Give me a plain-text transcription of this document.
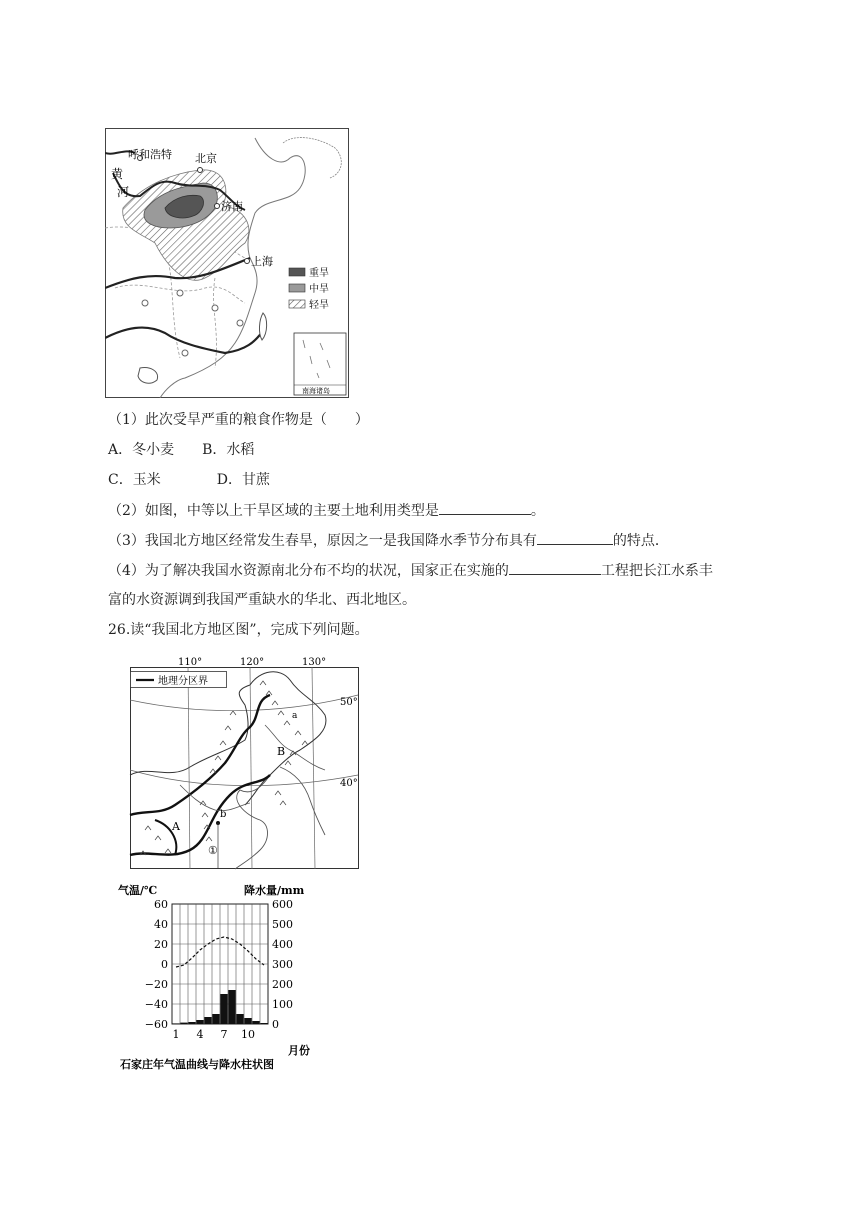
重旱
中旱
轻旱
南海诸岛
呼和浩特 北京
黄
河
济南
上海
（1）此次受旱严重的粮食作物是（　　）
A．冬小麦 B．水稻
C．玉米	D．甘蔗
（2）如图，中等以上干旱区域的主要土地利用类型是	。
（3）我国北方地区经常发生春旱，原因之一是我国降水季节分布具有	的特点．
（4）为了解决我国水资源南北分布不均的状况，国家正在实施的	工程把长江水系丰
富的水资源调到我国严重缺水的华北、西北地区。
26.读“我国北方地区图”，完成下列问题。
110°	120°	130°
50°
40°
地理分区界
B
a
A
b
①
气温/℃	降水量/mm
60
40
20
0
−20
−40
−60
600
500
400
300
200
100
0
1 4 7 10
月份
石家庄年气温曲线与降水柱状图
